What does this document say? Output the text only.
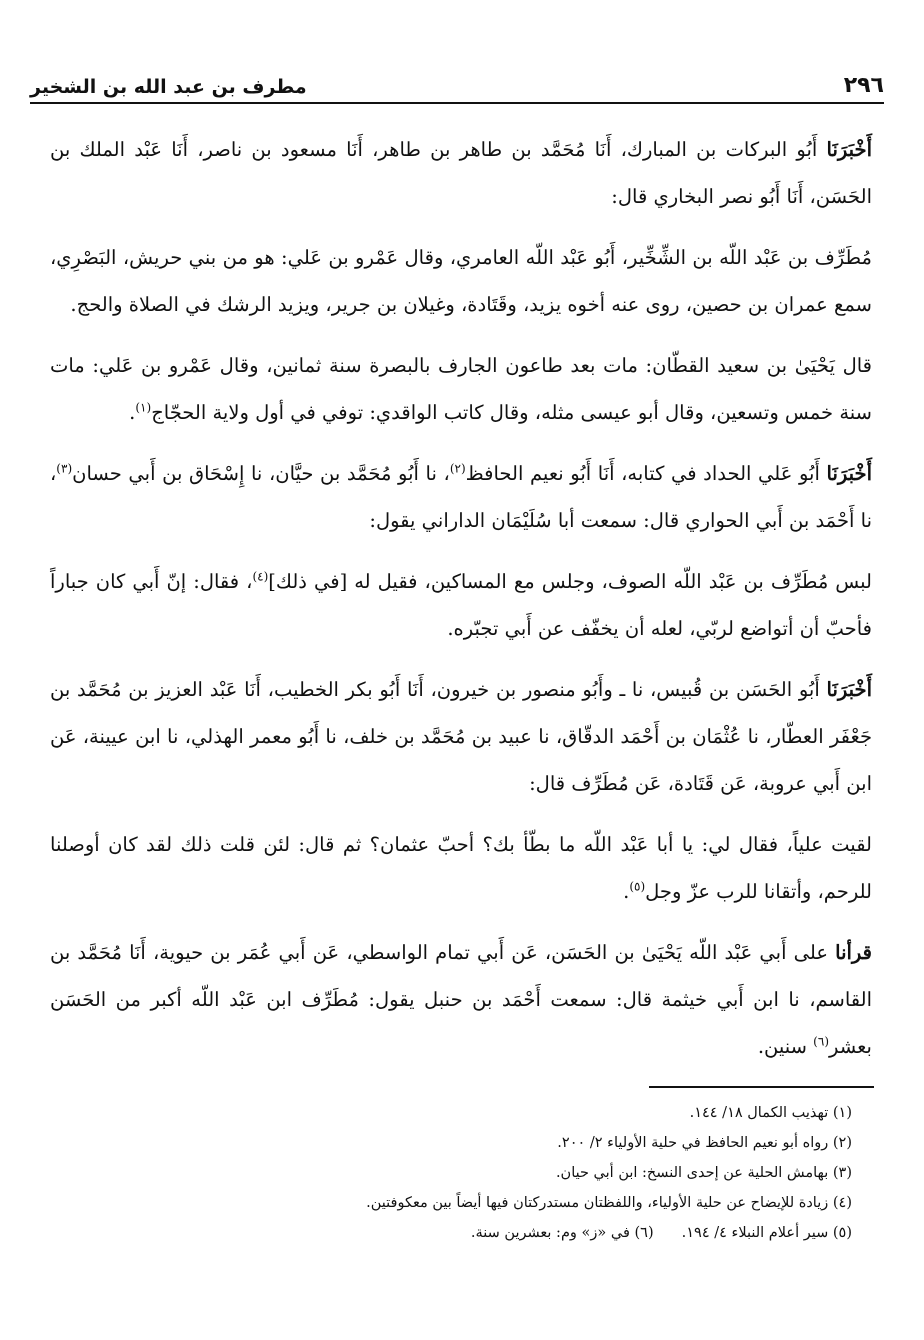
٢٩٦
مطرف بن عبد الله بن الشخير

أَخْبَرَنَا أَبُو البركات بن المبارك، أَنَا مُحَمَّد بن طاهر بن طاهر، أَنَا مسعود بن ناصر، أَنَا عَبْد الملك بن الحَسَن، أَنَا أَبُو نصر البخاري قال:

مُطَرِّف بن عَبْد اللّه بن الشِّخِّير، أَبُو عَبْد اللّه العامري، وقال عَمْرو بن عَلي: هو من بني حريش، البَصْرِي، سمع عمران بن حصين، روى عنه أخوه يزيد، وقَتَادة، وغيلان بن جرير، ويزيد الرشك في الصلاة والحج.

قال يَحْيَىٰ بن سعيد القطّان: مات بعد طاعون الجارف بالبصرة سنة ثمانين، وقال عَمْرو بن عَلي: مات سنة خمس وتسعين، وقال أبو عيسى مثله، وقال كاتب الواقدي: توفي في أول ولاية الحجّاج$^{(١)}$.

أَخْبَرَنَا أَبُو عَلي الحداد في كتابه، أَنَا أَبُو نعيم الحافظ$^{(٢)}$، نا أَبُو مُحَمَّد بن حيَّان، نا إِسْحَاق بن أَبي حسان$^{(٣)}$، نا أَحْمَد بن أَبي الحواري قال: سمعت أبا سُلَيْمَان الداراني يقول:

لبس مُطَرِّف بن عَبْد اللّه الصوف، وجلس مع المساكين، فقيل له [في ذلك]$^{(٤)}$، فقال: إنّ أَبي كان جباراً فأحبّ أن أتواضع لربّي، لعله أن يخفّف عن أَبي تجبّره.

أَخْبَرَنَا أَبُو الحَسَن بن قُبيس، نا ـ وأَبُو منصور بن خيرون، أَنَا أَبُو بكر الخطيب، أَنَا عَبْد العزيز بن مُحَمَّد بن جَعْفَر العطّار، نا عُثْمَان بن أَحْمَد الدقّاق، نا عبيد بن مُحَمَّد بن خلف، نا أَبُو معمر الهذلي، نا ابن عيينة، عَن ابن أَبي عروبة، عَن قَتَادة، عَن مُطَرِّف قال:

لقيت علياً، فقال لي: يا أبا عَبْد اللّه ما بطّأ بك؟ أحبّ عثمان؟ ثم قال: لئن قلت ذلك لقد كان أوصلنا للرحم، وأتقانا للرب عزّ وجل$^{(٥)}$.

قرأنا على أَبي عَبْد اللّه يَحْيَىٰ بن الحَسَن، عَن أَبي تمام الواسطي، عَن أَبي عُمَر بن حيوية، أَنَا مُحَمَّد بن القاسم، نا ابن أَبي خيثمة قال: سمعت أَحْمَد بن حنبل يقول: مُطَرِّف ابن عَبْد اللّه أكبر من الحَسَن بعشر$^{(٦)}$ سنين.

(١) تهذيب الكمال ١٨/ ١٤٤.

(٢) رواه أبو نعيم الحافظ في حلية الأولياء ٢/ ٢٠٠.

(٣) بهامش الحلية عن إحدى النسخ: ابن أبي حيان.

(٤) زيادة للإيضاح عن حلية الأولياء، واللفظتان مستدركتان فيها أيضاً بين معكوفتين.

(٥) سير أعلام النبلاء ٤/ ١٩٤.
(٦) في «ز» وم: بعشرين سنة.
